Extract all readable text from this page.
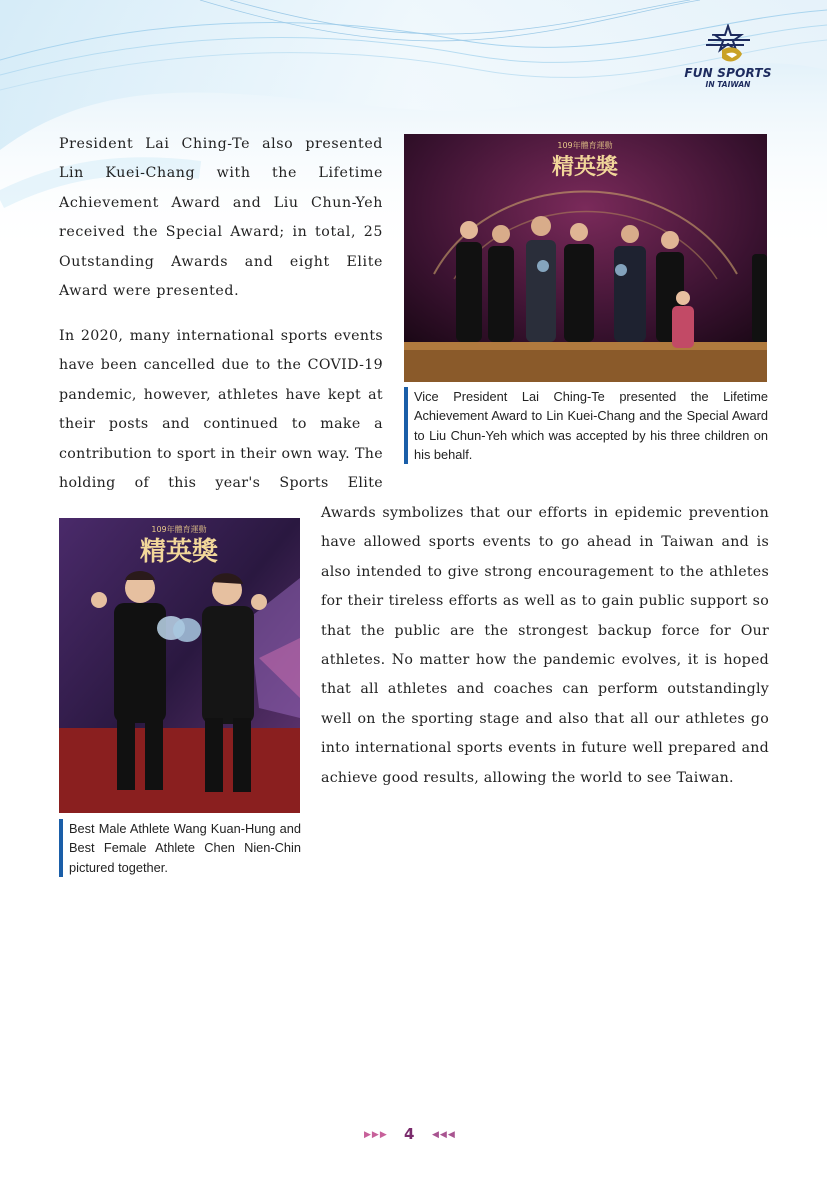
FUN SPORTS
IN TAIWAN

President Lai Ching-Te also presented Lin Kuei-Chang with the Lifetime Achievement Award and Liu Chun-Yeh received the Special Award; in total, 25 Outstanding Awards and eight Elite Award were presented.

In 2020, many international sports events have been cancelled due to the COVID-19 pandemic, however, athletes have kept at their posts and continued to make a contribution to sport in their own way. The holding of this year's Sports Elite

Awards symbolizes that our efforts in epidemic prevention have allowed sports events to go ahead in Taiwan and is also intended to give strong encouragement to the athletes for their tireless efforts as well as to gain public support so that the public are the strongest backup force for Our athletes. No matter how the pandemic evolves, it is hoped that all athletes and coaches can perform outstandingly well on the sporting stage and also that all our athletes go into international sports events in future well prepared and achieve good results, allowing the world to see Taiwan.

109年體育運動
精英獎
Vice President Lai Ching-Te presented the Lifetime Achievement Award to Lin Kuei-Chang and the Special Award to Liu Chun-Yeh which was accepted by his three children on his behalf.
109年體育運動
精英獎
Best Male Athlete Wang Kuan-Hung and Best Female Athlete Chen Nien-Chin pictured together.
▶▶▶ 4 ◀◀◀
